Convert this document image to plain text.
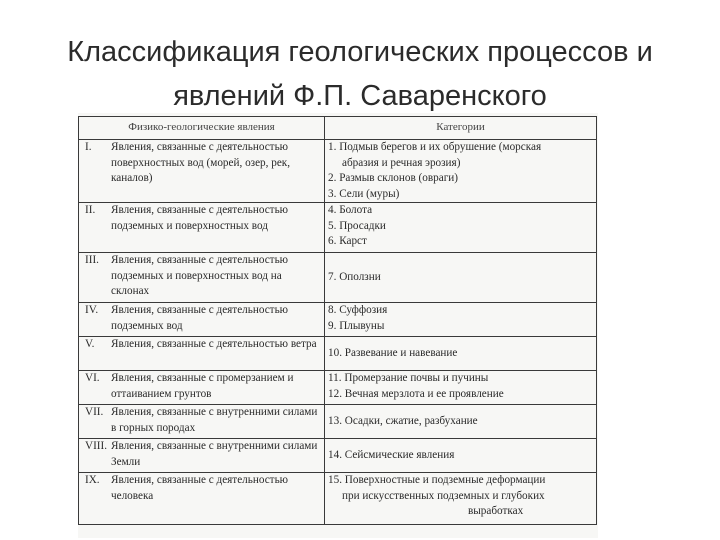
Классификация геологических процессов и
явлений Ф.П. Саваренского
Физико-геологические явления	Категории

I. Явления, связанные с деятельностью поверхностных вод (морей, озер, рек, каналов)	1. Подмыв берегов и их обрушение (морская
абразия и речная эрозия)
2. Размыв склонов (овраги)
3. Сели (муры)

II. Явления, связанные с деятельностью подземных и поверхностных вод	4. Болота
5. Просадки
6. Карст

III. Явления, связанные с деятельностью подземных и поверхностных вод на склонах	7. Оползни

IV. Явления, связанные с деятельностью подземных вод	8. Суффозия
9. Плывуны

V. Явления, связанные с деятельностью ветра	10. Развевание и навевание

VI. Явления, связанные с промерзанием и оттаиванием грунтов	11. Промерзание почвы и пучины
12. Вечная мерзлота и ее проявление

VII. Явления, связанные с внутренними силами в горных породах	13. Осадки, сжатие, разбухание

VIII. Явления, связанные с внутренними силами Земли	14. Сейсмические явления

IX. Явления, связанные с деятельностью человека	15. Поверхностные и подземные деформации
при искусственных подземных и глубоких
выработках
